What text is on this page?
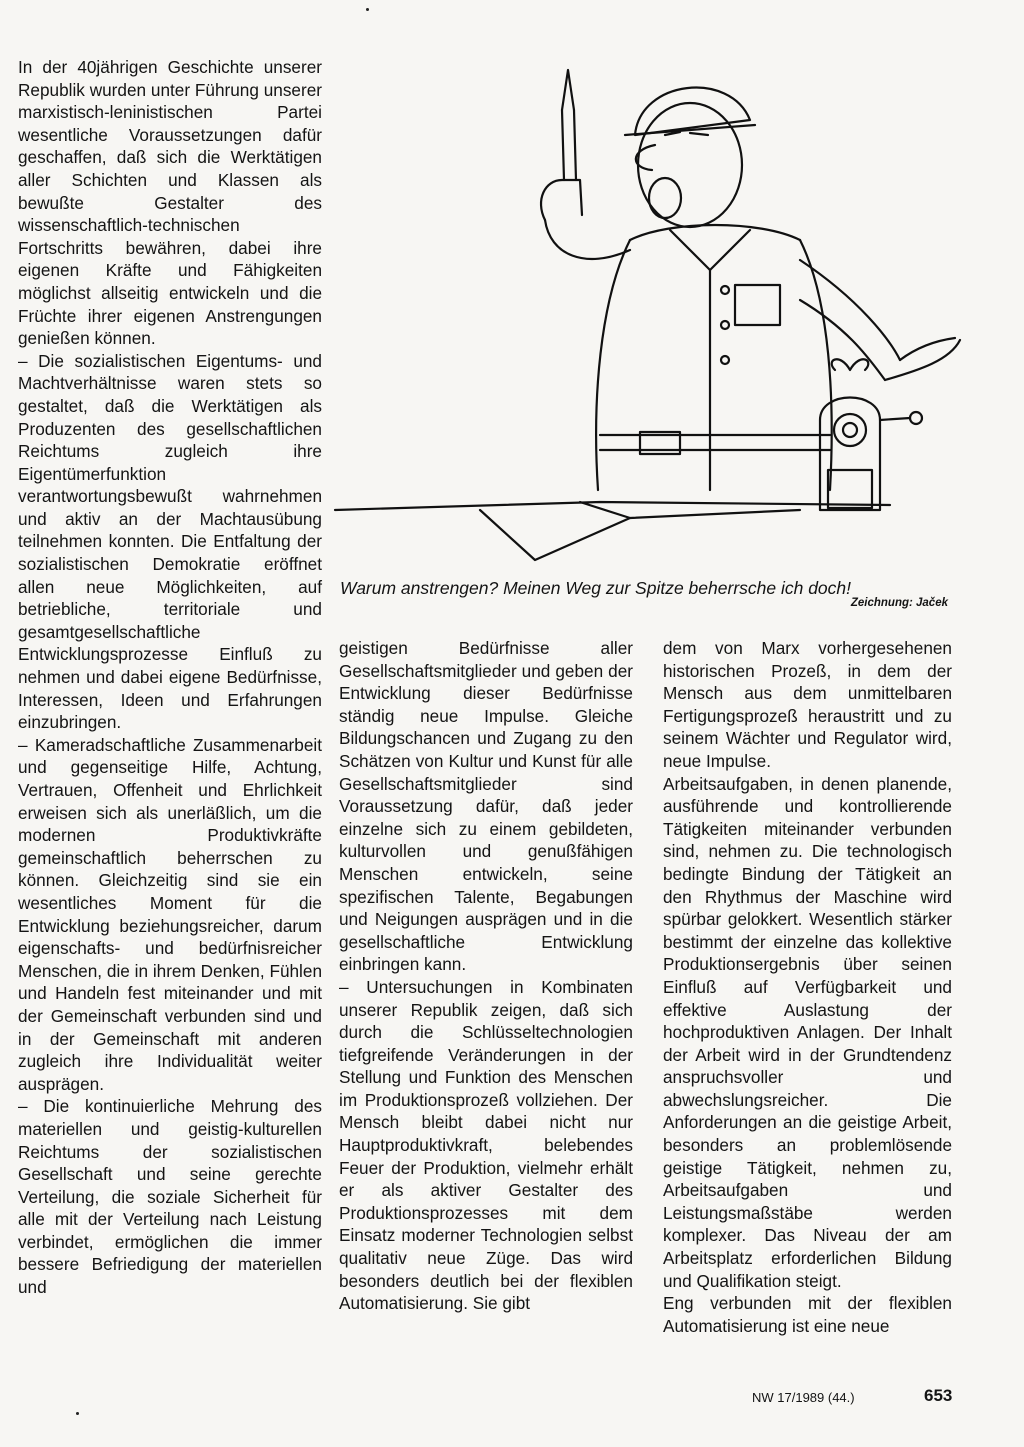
In der 40jährigen Geschichte unserer Republik wurden unter Führung unserer marxistisch-leninistischen Partei wesentliche Voraussetzungen dafür geschaffen, daß sich die Werktätigen aller Schichten und Klassen als bewußte Gestalter des wissenschaftlich-technischen Fortschritts bewähren, dabei ihre eigenen Kräfte und Fähigkeiten möglichst allseitig entwickeln und die Früchte ihrer eigenen Anstrengungen genießen können.

– Die sozialistischen Eigentums- und Machtverhältnisse waren stets so gestaltet, daß die Werktätigen als Produzenten des gesellschaftlichen Reichtums zugleich ihre Eigentümerfunktion verantwortungsbewußt wahrnehmen und aktiv an der Machtausübung teilnehmen konnten. Die Entfaltung der sozialistischen Demokratie eröffnet allen neue Möglichkeiten, auf betriebliche, territoriale und gesamtgesellschaftliche Entwicklungsprozesse Einfluß zu nehmen und dabei eigene Bedürfnisse, Interessen, Ideen und Erfahrungen einzubringen.

– Kameradschaftliche Zusammenarbeit und gegenseitige Hilfe, Achtung, Vertrauen, Offenheit und Ehrlichkeit erweisen sich als unerläßlich, um die modernen Produktivkräfte gemeinschaftlich beherrschen zu können. Gleichzeitig sind sie ein wesentliches Moment für die Entwicklung beziehungsreicher, darum eigenschafts- und bedürfnisreicher Menschen, die in ihrem Denken, Fühlen und Handeln fest miteinander und mit der Gemeinschaft verbunden sind und in der Gemeinschaft mit anderen zugleich ihre Individualität weiter ausprägen.

– Die kontinuierliche Mehrung des materiellen und geistig-kulturellen Reichtums der sozialistischen Gesellschaft und seine gerechte Verteilung, die soziale Sicherheit für alle mit der Verteilung nach Leistung verbindet, ermöglichen die immer bessere Befriedigung der materiellen und

Warum anstrengen? Meinen Weg zur Spitze beherrsche ich doch!
Zeichnung: Jaček

geistigen Bedürfnisse aller Gesellschaftsmitglieder und geben der Entwicklung dieser Bedürfnisse ständig neue Impulse. Gleiche Bildungschancen und Zugang zu den Schätzen von Kultur und Kunst für alle Gesellschaftsmitglieder sind Voraussetzung dafür, daß jeder einzelne sich zu einem gebildeten, kulturvollen und genußfähigen Menschen entwickeln, seine spezifischen Talente, Begabungen und Neigungen ausprägen und in die gesellschaftliche Entwicklung einbringen kann.

– Untersuchungen in Kombinaten unserer Republik zeigen, daß sich durch die Schlüsseltechnologien tiefgreifende Veränderungen in der Stellung und Funktion des Menschen im Produktionsprozeß vollziehen. Der Mensch bleibt dabei nicht nur Hauptproduktivkraft, belebendes Feuer der Produktion, vielmehr erhält er als aktiver Gestalter des Produktionsprozesses mit dem Einsatz moderner Technologien selbst qualitativ neue Züge. Das wird besonders deutlich bei der flexiblen Automatisierung. Sie gibt

dem von Marx vorhergesehenen historischen Prozeß, in dem der Mensch aus dem unmittelbaren Fertigungsprozeß heraustritt und zu seinem Wächter und Regulator wird, neue Impulse.

Arbeitsaufgaben, in denen planende, ausführende und kontrollierende Tätigkeiten miteinander verbunden sind, nehmen zu. Die technologisch bedingte Bindung der Tätigkeit an den Rhythmus der Maschine wird spürbar gelokkert. Wesentlich stärker bestimmt der einzelne das kollektive Produktionsergebnis über seinen Einfluß auf Verfügbarkeit und effektive Auslastung der hochproduktiven Anlagen. Der Inhalt der Arbeit wird in der Grundtendenz anspruchsvoller und abwechslungsreicher. Die Anforderungen an die geistige Arbeit, besonders an problemlösende geistige Tätigkeit, nehmen zu, Arbeitsaufgaben und Leistungsmaßstäbe werden komplexer. Das Niveau der am Arbeitsplatz erforderlichen Bildung und Qualifikation steigt.

Eng verbunden mit der flexiblen Automatisierung ist eine neue

NW 17/1989 (44.)	653
